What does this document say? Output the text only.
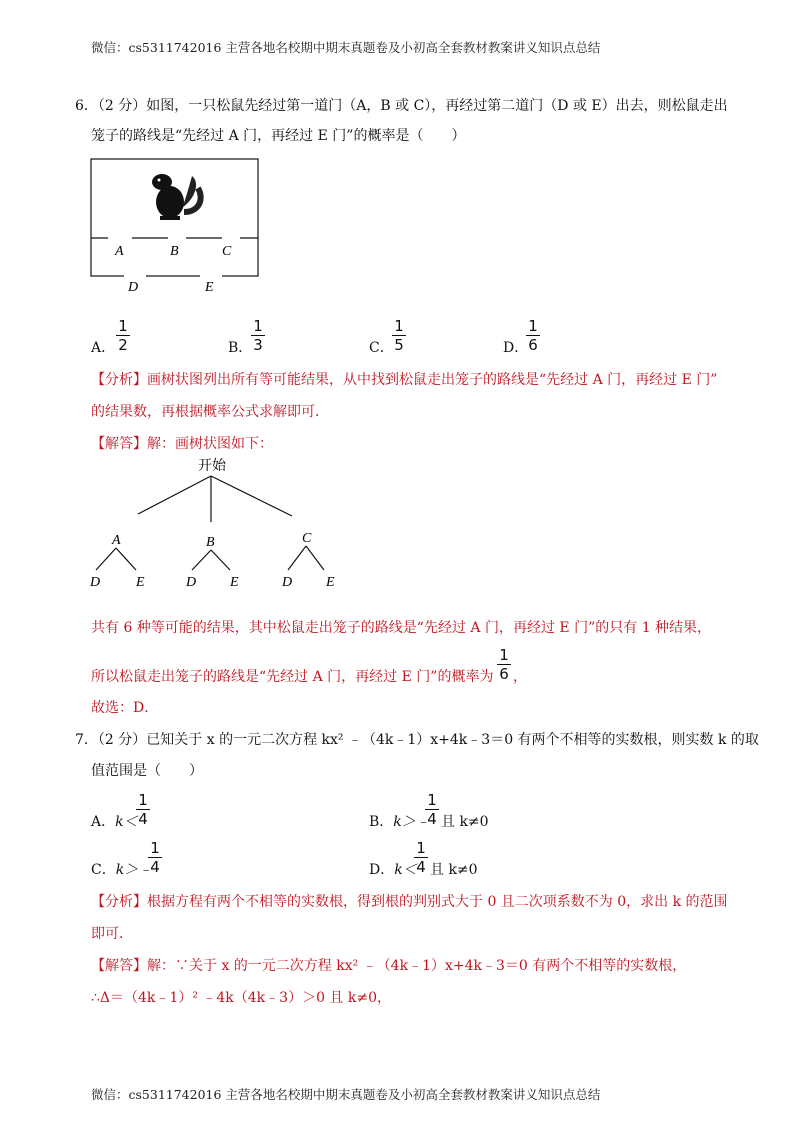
微信：cs5311742016 主营各地名校期中期末真题卷及小初高全套教材教案讲义知识点总结
6．（2 分）如图，一只松鼠先经过第一道门（A，B 或 C），再经过第二道门（D 或 E）出去，则松鼠走出
笼子的路线是“先经过 A 门，再经过 E 门”的概率是（　　）
A	B	C
D	E
A．
1
2	B．
1
3	C．
1
5	D．
1
6
【分析】画树状图列出所有等可能结果，从中找到松鼠走出笼子的路线是“先经过 A 门，再经过 E 门”
的结果数，再根据概率公式求解即可．
【解答】解：画树状图如下：
开始
A	B	C
D	E	D E	D E
共有 6 种等可能的结果，其中松鼠走出笼子的路线是“先经过 A 门，再经过 E 门”的只有 1 种结果，
所以松鼠走出笼子的路线是“先经过 A 门，再经过 E 门”的概率为
1
6 ，
故选：D．
7．（2 分）已知关于 x 的一元二次方程 kx² ﹣（4k﹣1）x+4k﹣3＝0 有两个不相等的实数根，则实数 k 的取
值范围是（　　）
A．k＜
1
4	B．k＞﹣
1
4 且 k≠0
C．k＞﹣
1
4	D．k＜
1
4 且 k≠0
【分析】根据方程有两个不相等的实数根，得到根的判别式大于 0 且二次项系数不为 0，求出 k 的范围
即可．
【解答】解：∵关于 x 的一元二次方程 kx² ﹣（4k﹣1）x+4k﹣3＝0 有两个不相等的实数根，
∴Δ＝（4k﹣1）² ﹣4k（4k﹣3）＞0 且 k≠0，
微信：cs5311742016 主营各地名校期中期末真题卷及小初高全套教材教案讲义知识点总结
